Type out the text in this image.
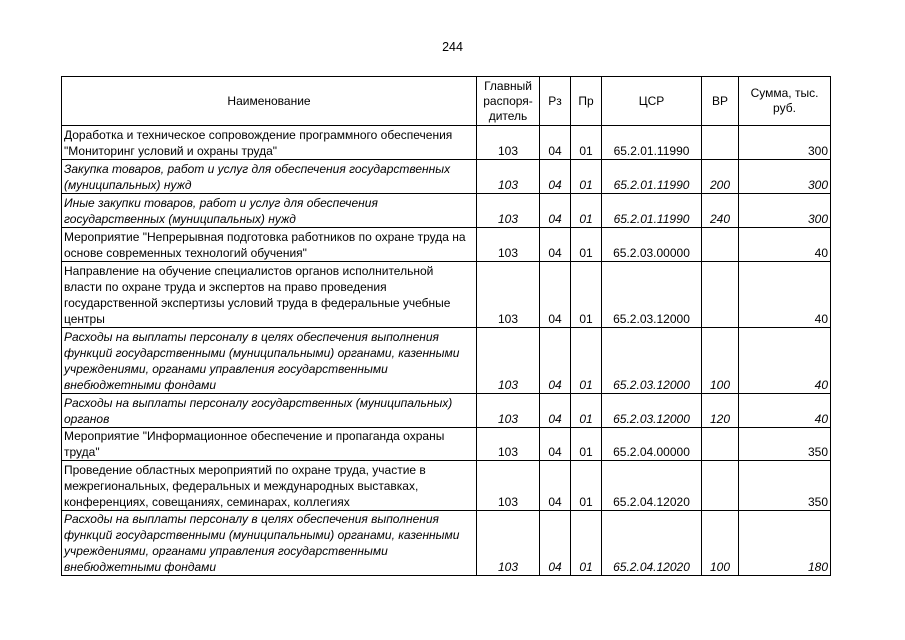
244
Наименование	Главный распоря-дитель	Рз	Пр	ЦСР	ВР	Сумма, тыс. руб.
Доработка и техническое сопровождение программного обеспечения "Мониторинг условий и охраны труда"	103	04	01	65.2.01.11990		300
Закупка товаров, работ и услуг для обеспечения государственных (муниципальных) нужд	103	04	01	65.2.01.11990	200	300
Иные закупки товаров, работ и услуг для обеспечения государственных (муниципальных) нужд	103	04	01	65.2.01.11990	240	300
Мероприятие "Непрерывная подготовка работников по охране труда на основе современных технологий обучения"	103	04	01	65.2.03.00000		40
Направление на обучение специалистов органов исполнительной власти по охране труда и экспертов на право проведения государственной экспертизы условий труда в федеральные учебные центры	103	04	01	65.2.03.12000		40
Расходы на выплаты персоналу в целях обеспечения выполнения функций государственными (муниципальными) органами, казенными учреждениями, органами управления государственными внебюджетными фондами	103	04	01	65.2.03.12000	100	40
Расходы на выплаты персоналу государственных (муниципальных) органов	103	04	01	65.2.03.12000	120	40
Мероприятие "Информационное обеспечение и пропаганда охраны труда"	103	04	01	65.2.04.00000		350
Проведение областных мероприятий по охране труда, участие в межрегиональных, федеральных и международных выставках, конференциях, совещаниях, семинарах, коллегиях	103	04	01	65.2.04.12020		350
Расходы на выплаты персоналу в целях обеспечения выполнения функций государственными (муниципальными) органами, казенными учреждениями, органами управления государственными внебюджетными фондами	103	04	01	65.2.04.12020	100	180
